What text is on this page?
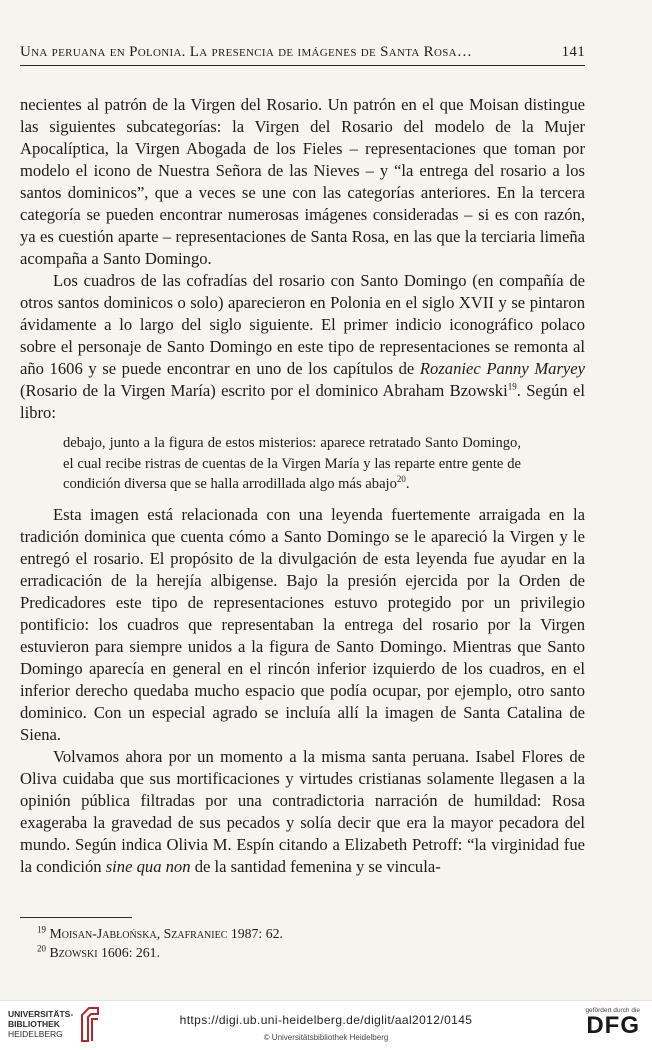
Una peruana en Polonia. La presencia de imágenes de Santa Rosa…	141

necientes al patrón de la Virgen del Rosario. Un patrón en el que Moisan distingue las siguientes subcategorías: la Virgen del Rosario del modelo de la Mujer Apocalíptica, la Virgen Abogada de los Fieles – representaciones que toman por modelo el icono de Nuestra Señora de las Nieves – y “la entrega del rosario a los santos dominicos”, que a veces se une con las categorías anteriores. En la tercera categoría se pueden encontrar numerosas imágenes consideradas – si es con razón, ya es cuestión aparte – representaciones de Santa Rosa, en las que la terciaria limeña acompaña a Santo Domingo.

Los cuadros de las cofradías del rosario con Santo Domingo (en compañía de otros santos dominicos o solo) aparecieron en Polonia en el siglo XVII y se pintaron ávidamente a lo largo del siglo siguiente. El primer indicio iconográfico polaco sobre el personaje de Santo Domingo en este tipo de representaciones se remonta al año 1606 y se puede encontrar en uno de los capítulos de Rozaniec Panny Maryey (Rosario de la Virgen María) escrito por el dominico Abraham Bzowski$^{19}$. Según el libro:

debajo, junto a la figura de estos misterios: aparece retratado Santo Domingo, el cual recibe ristras de cuentas de la Virgen María y las reparte entre gente de condición diversa que se halla arrodillada algo más abajo$^{20}$.

Esta imagen está relacionada con una leyenda fuertemente arraigada en la tradición dominica que cuenta cómo a Santo Domingo se le apareció la Virgen y le entregó el rosario. El propósito de la divulgación de esta leyenda fue ayudar en la erradicación de la herejía albigense. Bajo la presión ejercida por la Orden de Predicadores este tipo de representaciones estuvo protegido por un privilegio pontificio: los cuadros que representaban la entrega del rosario por la Virgen estuvieron para siempre unidos a la figura de Santo Domingo. Mientras que Santo Domingo aparecía en general en el rincón inferior izquierdo de los cuadros, en el inferior derecho quedaba mucho espacio que podía ocupar, por ejemplo, otro santo dominico. Con un especial agrado se incluía allí la imagen de Santa Catalina de Siena.

Volvamos ahora por un momento a la misma santa peruana. Isabel Flores de Oliva cuidaba que sus mortificaciones y virtudes cristianas solamente llegasen a la opinión pública filtradas por una contradictoria narración de humildad: Rosa exageraba la gravedad de sus pecados y solía decir que era la mayor pecadora del mundo. Según indica Olivia M. Espín citando a Elizabeth Petroff: “la virginidad fue la condición sine qua non de la santidad femenina y se vincula-

$^{19}$ Moisan-Jabłońska, Szafraniec 1987: 62.
$^{20}$ Bzowski 1606: 261.
UNIVERSITÄTS-
BIBLIOTHEK
HEIDELBERG
https://digi.ub.uni-heidelberg.de/diglit/aal2012/0145
© Universitätsbibliothek Heidelberg
gefördert durch die
DFG
